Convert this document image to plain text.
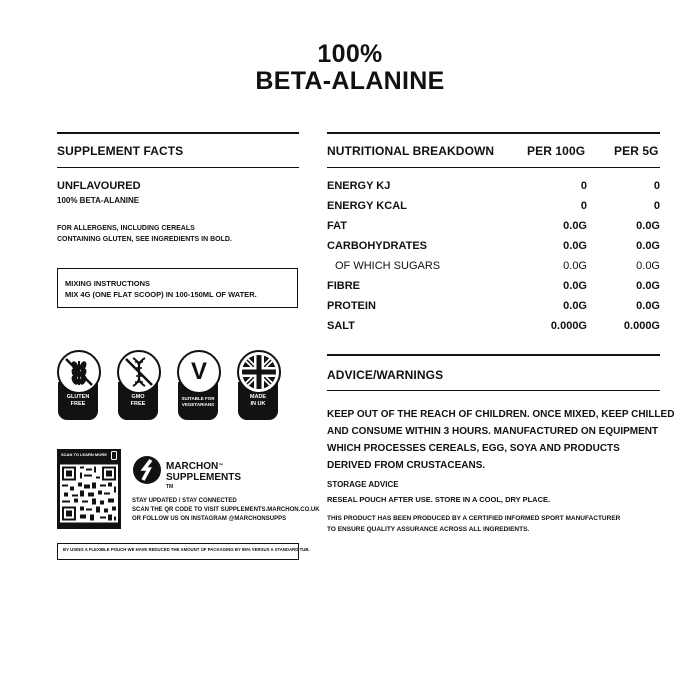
100%
BETA-ALANINE
SUPPLEMENT FACTS
UNFLAVOURED
100% BETA-ALANINE
FOR ALLERGENS, INCLUDING CEREALS
CONTAINING GLUTEN, SEE INGREDIENTS IN BOLD.
MIXING INSTRUCTIONS
MIX 4G (ONE FLAT SCOOP) IN 100-150ML OF WATER.
GLUTEN
FREE
GMO
FREE
V
SUITABLE FOR
VEGETARIANS
MADE
IN UK
SCAN TO LEARN MORE
TM
MARCHON™
SUPPLEMENTS
STAY UPDATED / STAY CONNECTED
SCAN THE QR CODE TO VISIT SUPPLEMENTS.MARCHON.CO.UK
OR FOLLOW US ON INSTAGRAM @MARCHONSUPPS
BY USING A FLEXIBLE POUCH WE HAVE REDUCED THE AMOUNT OF PACKAGING BY 85% VERSUS A STANDARD TUB.
NUTRITIONAL BREAKDOWN	PER 100G PER 5G
ENERGY KJ	0	0
ENERGY KCAL	0	0
FAT	0.0G	0.0G
CARBOHYDRATES	0.0G	0.0G
OF WHICH SUGARS	0.0G	0.0G
FIBRE	0.0G	0.0G
PROTEIN	0.0G	0.0G
SALT	0.000G	0.000G
ADVICE/WARNINGS
KEEP OUT OF THE REACH OF CHILDREN. ONCE MIXED, KEEP CHILLED
AND CONSUME WITHIN 3 HOURS. MANUFACTURED ON EQUIPMENT
WHICH PROCESSES CEREALS, EGG, SOYA AND PRODUCTS
DERIVED FROM CRUSTACEANS.
STORAGE ADVICE
RESEAL POUCH AFTER USE. STORE IN A COOL, DRY PLACE.
THIS PRODUCT HAS BEEN PRODUCED BY A CERTIFIED INFORMED SPORT MANUFACTURER
TO ENSURE QUALITY ASSURANCE ACROSS ALL INGREDIENTS.
